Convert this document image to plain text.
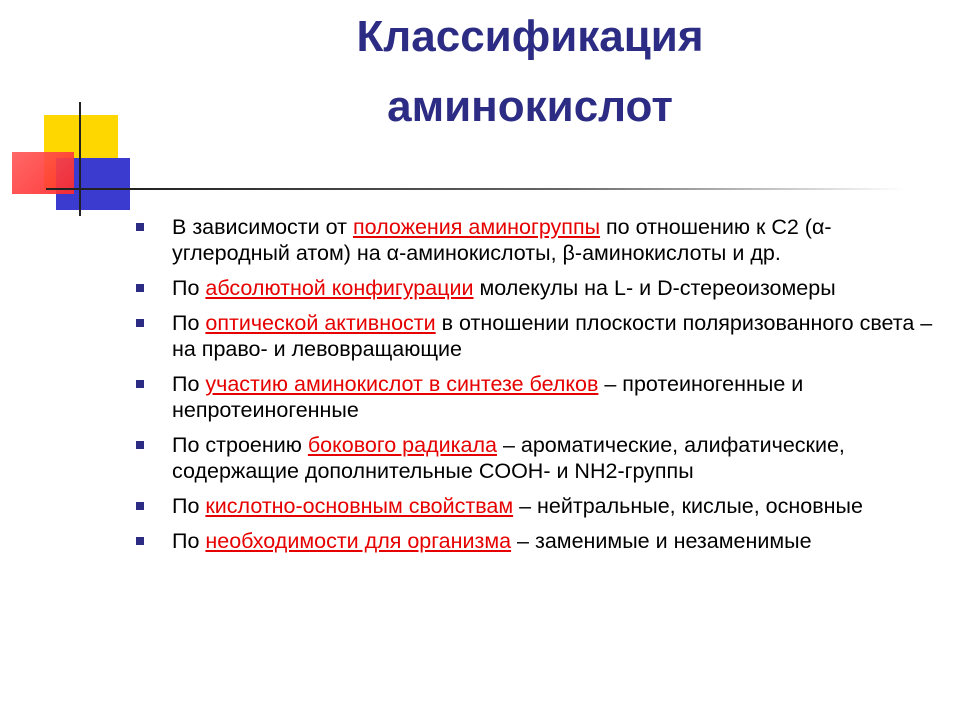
Классификация
аминокислот
В зависимости от положения аминогруппы по отношению к C2 (α-углеродный атом) на α-аминокислоты, β-аминокислоты и др.
По абсолютной конфигурации молекулы на L- и D-стереоизомеры
По оптической активности в отношении плоскости поляризованного света – на право- и левовращающие
По участию аминокислот в синтезе белков – протеиногенные и непротеиногенные
По строению бокового радикала – ароматические, алифатические, содержащие дополнительные COOH- и NH2-группы
По кислотно-основным свойствам – нейтральные, кислые, основные
По необходимости для организма – заменимые и незаменимые
